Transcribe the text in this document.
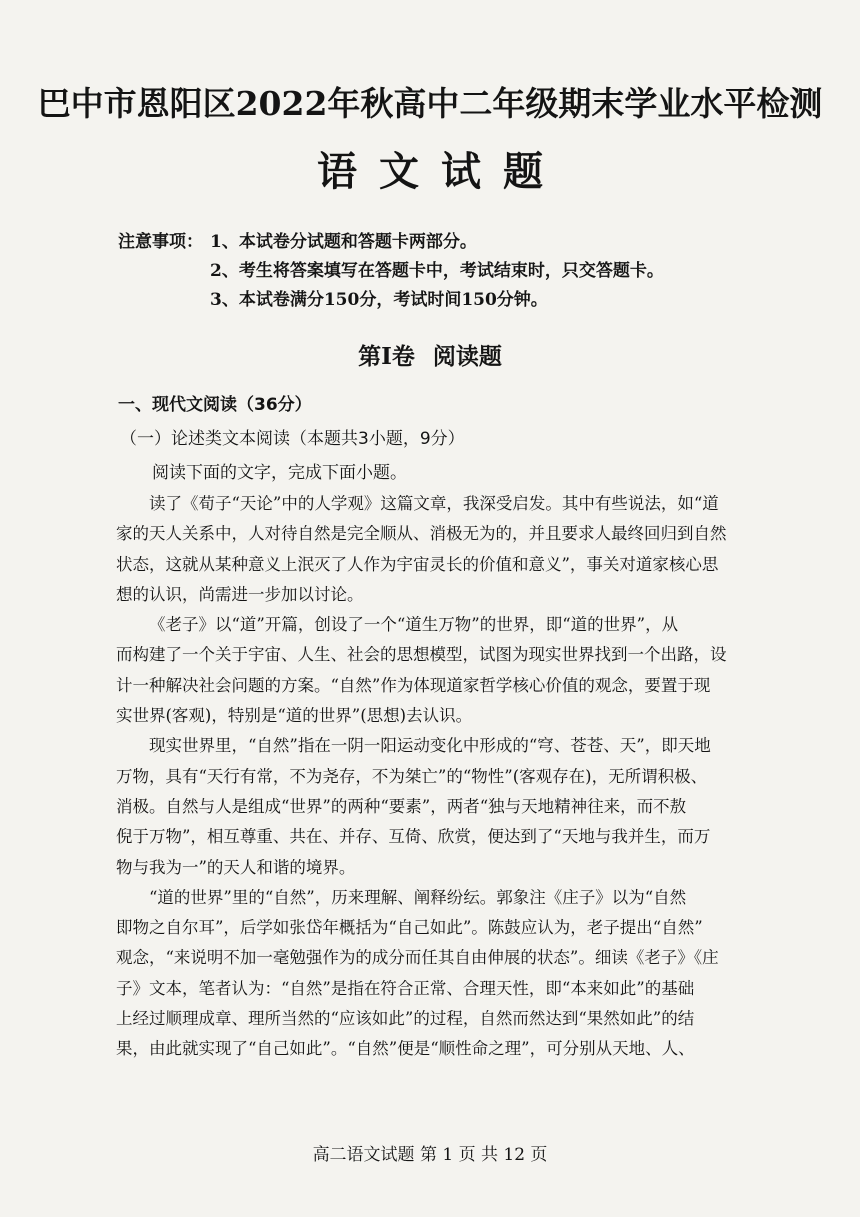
巴中市恩阳区2022年秋高中二年级期末学业水平检测
语文试题
注意事项： 1、本试卷分试题和答题卡两部分。
2、考生将答案填写在答题卡中，考试结束时，只交答题卡。
3、本试卷满分150分，考试时间150分钟。
第Ⅰ卷 阅读题
一、现代文阅读（36分）
（一）论述类文本阅读（本题共3小题，9分）
阅读下面的文字，完成下面小题。
读了《荀子“天论”中的人学观》这篇文章，我深受启发。其中有些说法，如“道
家的天人关系中，人对待自然是完全顺从、消极无为的，并且要求人最终回归到自然
状态，这就从某种意义上泯灭了人作为宇宙灵长的价值和意义”，事关对道家核心思
想的认识，尚需进一步加以讨论。
《老子》以“道”开篇，创设了一个“道生万物”的世界，即“道的世界”，从
而构建了一个关于宇宙、人生、社会的思想模型，试图为现实世界找到一个出路，设
计一种解决社会问题的方案。“自然”作为体现道家哲学核心价值的观念，要置于现
实世界(客观)，特别是“道的世界”(思想)去认识。
现实世界里，“自然”指在一阴一阳运动变化中形成的“穹、苍苍、天”，即天地
万物，具有“天行有常，不为尧存，不为桀亡”的“物性”(客观存在)，无所谓积极、
消极。自然与人是组成“世界”的两种“要素”，两者“独与天地精神往来，而不敖
倪于万物”，相互尊重、共在、并存、互倚、欣赏，便达到了“天地与我并生，而万
物与我为一”的天人和谐的境界。
“道的世界”里的“自然”，历来理解、阐释纷纭。郭象注《庄子》以为“自然
即物之自尔耳”，后学如张岱年概括为“自己如此”。陈鼓应认为，老子提出“自然”
观念，“来说明不加一毫勉强作为的成分而任其自由伸展的状态”。细读《老子》《庄
子》文本，笔者认为：“自然”是指在符合正常、合理天性，即“本来如此”的基础
上经过顺理成章、理所当然的“应该如此”的过程，自然而然达到“果然如此”的结
果，由此就实现了“自己如此”。“自然”便是“顺性命之理”，可分别从天地、人、
高二语文试题 第 1 页 共 12 页
